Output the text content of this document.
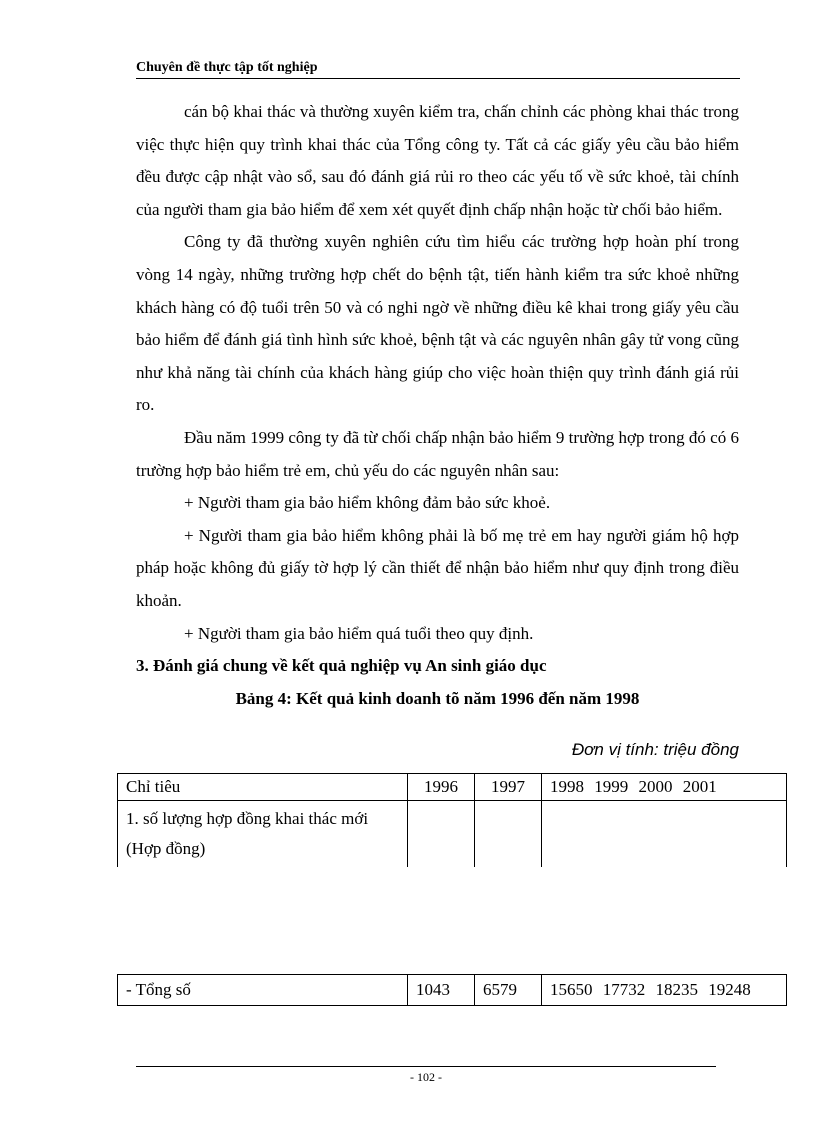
Chuyên đề thực tập tốt nghiệp

cán bộ khai thác và thường xuyên kiểm tra, chấn chỉnh các phòng khai thác trong việc thực hiện quy trình khai thác của Tổng công ty. Tất cả các giấy yêu cầu bảo hiểm đều được cập nhật vào sổ, sau đó đánh giá rủi ro theo các yếu tố về sức khoẻ, tài chính của người tham gia bảo hiểm để xem xét quyết định chấp nhận hoặc từ chối bảo hiểm.

Công ty đã thường xuyên nghiên cứu tìm hiểu các trường hợp hoàn phí trong vòng 14 ngày, những trường hợp chết do bệnh tật, tiến hành kiểm tra sức khoẻ những khách hàng có độ tuổi trên 50 và có nghi ngờ về những điều kê khai trong giấy yêu cầu bảo hiểm để đánh giá tình hình sức khoẻ, bệnh tật và các nguyên nhân gây tử vong cũng như khả năng tài chính của khách hàng giúp cho việc hoàn thiện quy trình đánh giá rủi ro.

Đầu năm 1999 công ty đã từ chối chấp nhận bảo hiểm 9 trường hợp trong đó có 6 trường hợp bảo hiểm trẻ em, chủ yếu do các nguyên nhân sau:

+ Người tham gia bảo hiểm không đảm bảo sức khoẻ.

+ Người tham gia bảo hiểm không phải là bố mẹ trẻ em hay người giám hộ hợp pháp hoặc không đủ giấy tờ hợp lý cần thiết để nhận bảo hiểm như quy định trong điều khoản.

+ Người tham gia bảo hiểm quá tuổi theo quy định.

3. Đánh giá chung về kết quả nghiệp vụ An sinh giáo dục

Bảng 4: Kết quả kinh doanh tõ năm 1996 đến năm 1998

Đơn vị tính: triệu đồng
Chỉ tiêu	1996	1997	1998 1999 2000 2001
1. số lượng hợp đồng khai thác mới (Hợp đồng)			
- Tổng số	1043	6579	15650 17732 18235 19248
- 102 -
